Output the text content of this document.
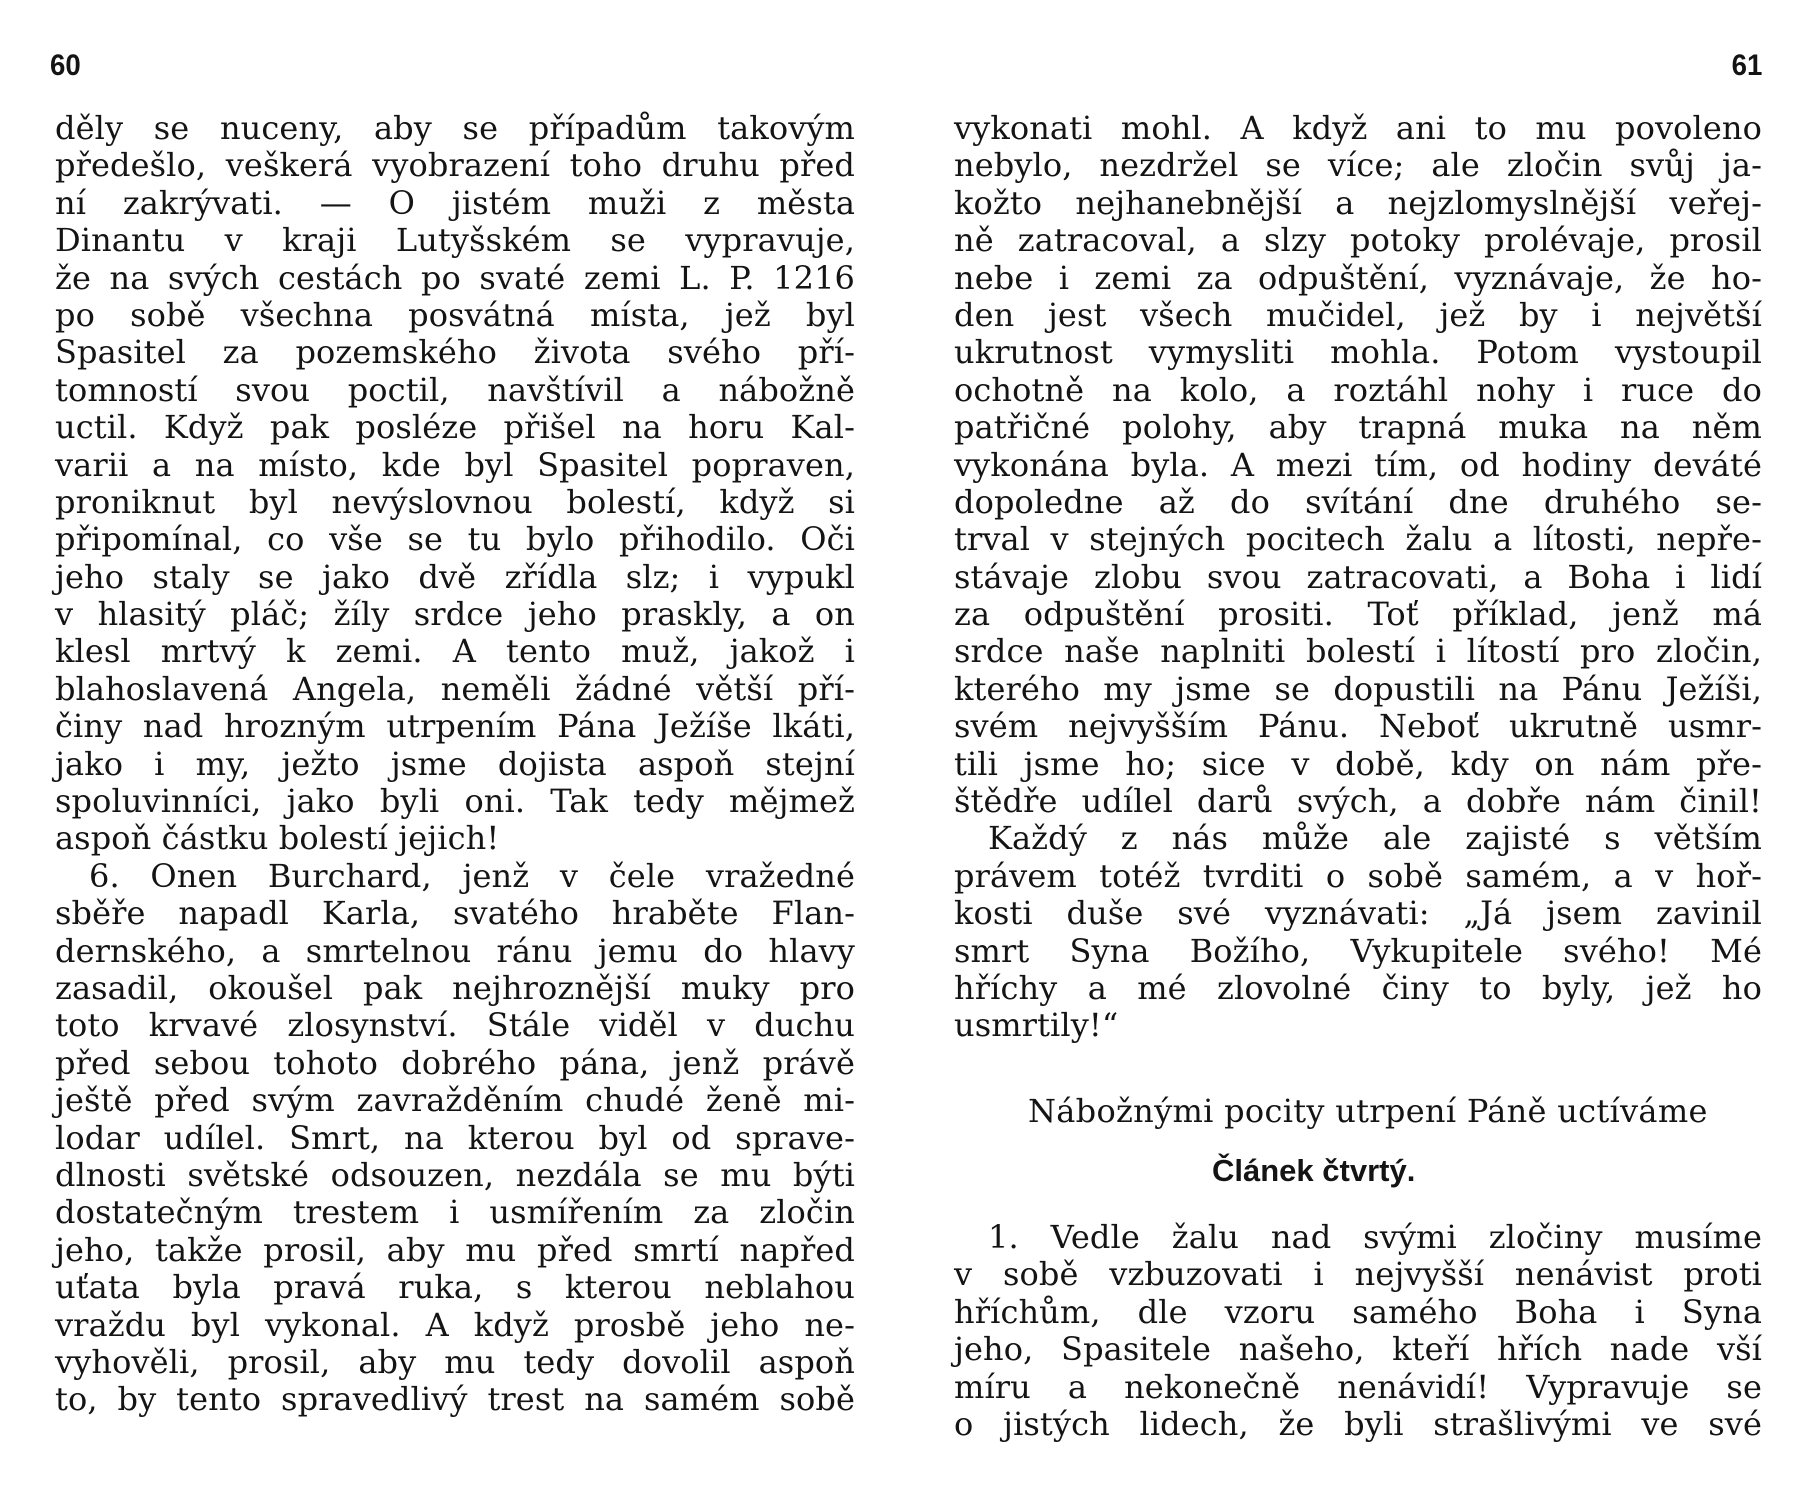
60
děly se nuceny, aby se případům takovým
předešlo, veškerá vyobrazení toho druhu před
ní zakrývati. — O jistém muži z města
Dinantu v kraji Lutyšském se vypravuje,
že na svých cestách po svaté zemi L. P. 1216
po sobě všechna posvátná místa, jež byl
Spasitel za pozemského života svého pří-
tomností svou poctil, navštívil a nábožně
uctil. Když pak posléze přišel na horu Kal-
varii a na místo, kde byl Spasitel popraven,
proniknut byl nevýslovnou bolestí, když si
připomínal, co vše se tu bylo přihodilo. Oči
jeho staly se jako dvě zřídla slz; i vypukl
v hlasitý pláč; žíly srdce jeho praskly, a on
klesl mrtvý k zemi. A tento muž, jakož i
blahoslavená Angela, neměli žádné větší pří-
činy nad hrozným utrpením Pána Ježíše lkáti,
jako i my, ježto jsme dojista aspoň stejní
spoluvinníci, jako byli oni. Tak tedy mějmež
aspoň částku bolestí jejich!
6. Onen Burchard, jenž v čele vražedné
sběře napadl Karla, svatého hraběte Flan-
dernského, a smrtelnou ránu jemu do hlavy
zasadil, okoušel pak nejhroznější muky pro
toto krvavé zlosynství. Stále viděl v duchu
před sebou tohoto dobrého pána, jenž právě
ještě před svým zavražděním chudé ženě mi-
lodar udílel. Smrt, na kterou byl od sprave-
dlnosti světské odsouzen, nezdála se mu býti
dostatečným trestem i usmířením za zločin
jeho, takže prosil, aby mu před smrtí napřed
uťata byla pravá ruka, s kterou neblahou
vraždu byl vykonal. A když prosbě jeho ne-
vyhověli, prosil, aby mu tedy dovolil aspoň
to, by tento spravedlivý trest na samém sobě
61
vykonati mohl. A když ani to mu povoleno
nebylo, nezdržel se více; ale zločin svůj ja-
kožto nejhanebnější a nejzlomyslnější veřej-
ně zatracoval, a slzy potoky prolévaje, prosil
nebe i zemi za odpuštění, vyznávaje, že ho-
den jest všech mučidel, jež by i největší
ukrutnost vymysliti mohla. Potom vystoupil
ochotně na kolo, a roztáhl nohy i ruce do
patřičné polohy, aby trapná muka na něm
vykonána byla. A mezi tím, od hodiny deváté
dopoledne až do svítání dne druhého se-
trval v stejných pocitech žalu a lítosti, nepře-
stávaje zlobu svou zatracovati, a Boha i lidí
za odpuštění prositi. Toť příklad, jenž má
srdce naše naplniti bolestí i lítostí pro zločin,
kterého my jsme se dopustili na Pánu Ježíši,
svém nejvyšším Pánu. Neboť ukrutně usmr-
tili jsme ho; sice v době, kdy on nám pře-
štědře udílel darů svých, a dobře nám činil!
Každý z nás může ale zajisté s větším
právem totéž tvrditi o sobě samém, a v hoř-
kosti duše své vyznávati: „Já jsem zavinil
smrt Syna Božího, Vykupitele svého! Mé
hříchy a mé zlovolné činy to byly, jež ho
usmrtily!“
Nábožnými pocity utrpení Páně uctíváme
Článek čtvrtý.
1. Vedle žalu nad svými zločiny musíme
v sobě vzbuzovati i nejvyšší nenávist proti
hříchům, dle vzoru samého Boha i Syna
jeho, Spasitele našeho, kteří hřích nade vší
míru a nekonečně nenávidí! Vypravuje se
o jistých lidech, že byli strašlivými ve své
